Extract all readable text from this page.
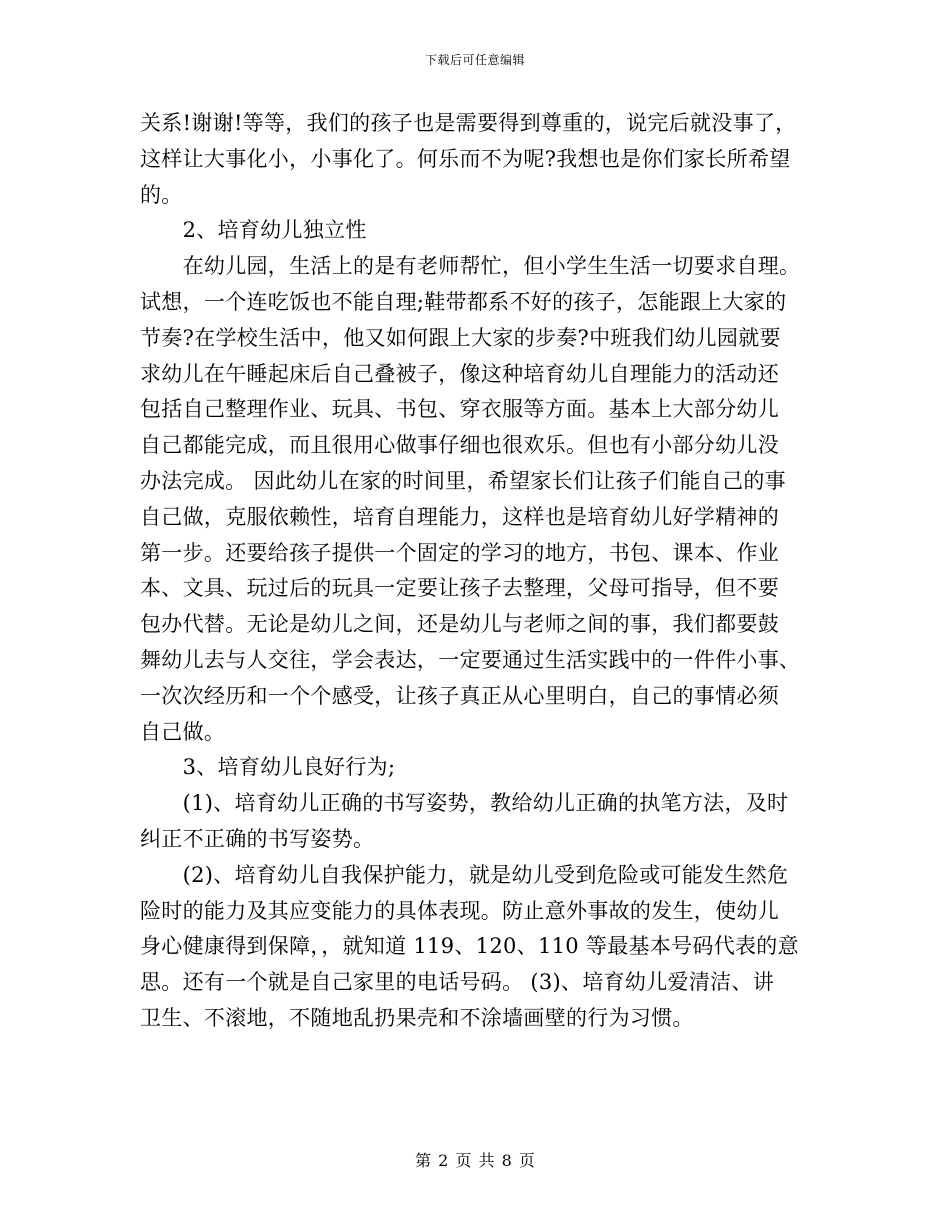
下载后可任意编辑

关系!谢谢!等等，我们的孩子也是需要得到尊重的，说完后就没事了，

这样让大事化小，小事化了。何乐而不为呢?我想也是你们家长所希望

的。

　　2、培育幼儿独立性

　　在幼儿园，生活上的是有老师帮忙，但小学生生活一切要求自理。

试想，一个连吃饭也不能自理;鞋带都系不好的孩子，怎能跟上大家的

节奏?在学校生活中，他又如何跟上大家的步奏?中班我们幼儿园就要

求幼儿在午睡起床后自己叠被子，像这种培育幼儿自理能力的活动还

包括自己整理作业、玩具、书包、穿衣服等方面。基本上大部分幼儿

自己都能完成，而且很用心做事仔细也很欢乐。但也有小部分幼儿没

办法完成。 因此幼儿在家的时间里，希望家长们让孩子们能自己的事

自己做，克服依赖性，培育自理能力，这样也是培育幼儿好学精神的

第一步。还要给孩子提供一个固定的学习的地方，书包、课本、作业

本、文具、玩过后的玩具一定要让孩子去整理，父母可指导，但不要

包办代替。无论是幼儿之间，还是幼儿与老师之间的事，我们都要鼓

舞幼儿去与人交往，学会表达，一定要通过生活实践中的一件件小事、

一次次经历和一个个感受，让孩子真正从心里明白，自己的事情必须

自己做。

　　3、培育幼儿良好行为;

　　(1)、培育幼儿正确的书写姿势，教给幼儿正确的执笔方法，及时

纠正不正确的书写姿势。

　　(2)、培育幼儿自我保护能力，就是幼儿受到危险或可能发生然危

险时的能力及其应变能力的具体表现。防止意外事故的发生，使幼儿

身心健康得到保障，，就知道 119、120、110 等最基本号码代表的意

思。还有一个就是自己家里的电话号码。 (3)、培育幼儿爱清洁、讲

卫生、不滚地，不随地乱扔果壳和不涂墙画壁的行为习惯。

第 2 页 共 8 页
